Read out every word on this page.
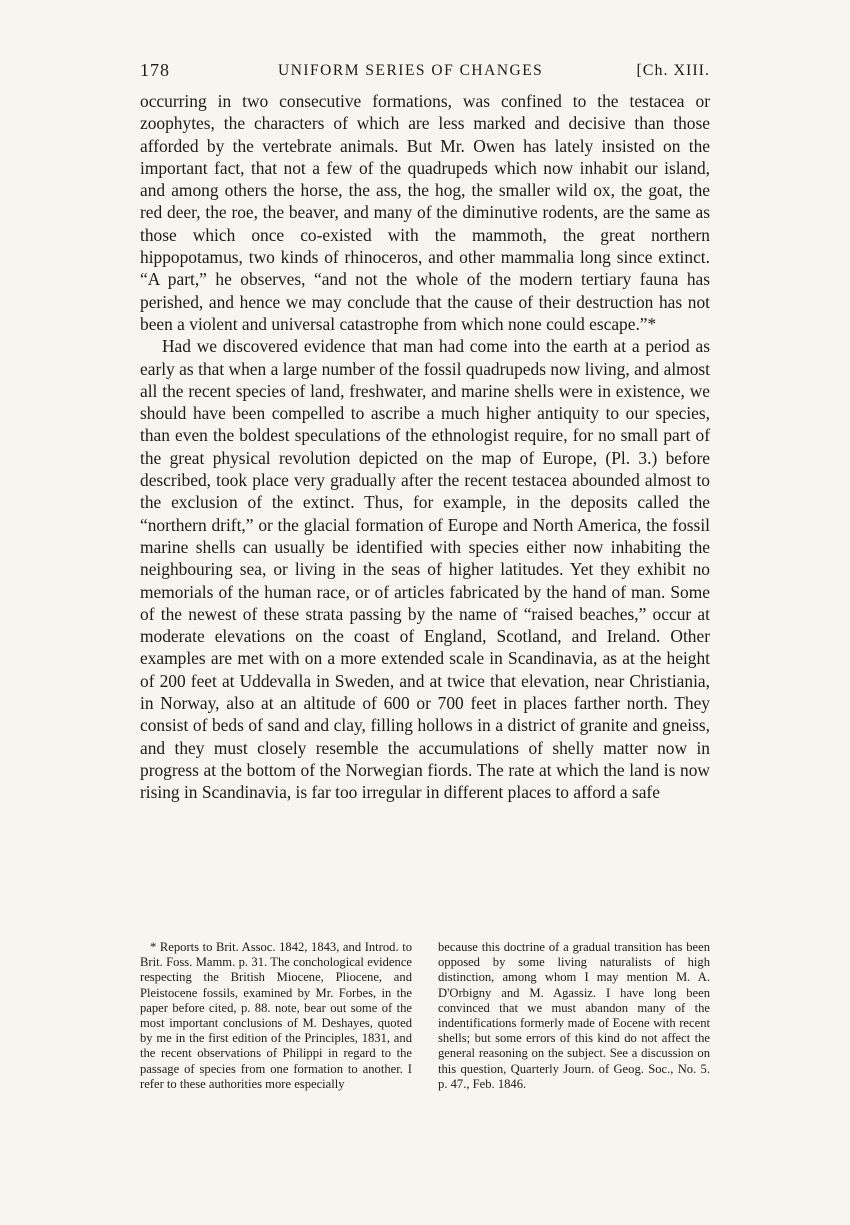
178	UNIFORM SERIES OF CHANGES	[Ch. XIII.

occurring in two consecutive formations, was confined to the testacea or zoophytes, the characters of which are less marked and decisive than those afforded by the vertebrate animals. But Mr. Owen has lately insisted on the important fact, that not a few of the quadrupeds which now inhabit our island, and among others the horse, the ass, the hog, the smaller wild ox, the goat, the red deer, the roe, the beaver, and many of the diminutive rodents, are the same as those which once co-existed with the mammoth, the great northern hippopotamus, two kinds of rhinoceros, and other mammalia long since extinct. “A part,” he observes, “and not the whole of the modern tertiary fauna has perished, and hence we may conclude that the cause of their destruction has not been a violent and universal catastrophe from which none could escape.”*

Had we discovered evidence that man had come into the earth at a period as early as that when a large number of the fossil quadrupeds now living, and almost all the recent species of land, freshwater, and marine shells were in existence, we should have been compelled to ascribe a much higher antiquity to our species, than even the boldest speculations of the ethnologist require, for no small part of the great physical revolution depicted on the map of Europe, (Pl. 3.) before described, took place very gradually after the recent testacea abounded almost to the exclusion of the extinct. Thus, for example, in the deposits called the “northern drift,” or the glacial formation of Europe and North America, the fossil marine shells can usually be identified with species either now inhabiting the neighbouring sea, or living in the seas of higher latitudes. Yet they exhibit no memorials of the human race, or of articles fabricated by the hand of man. Some of the newest of these strata passing by the name of “raised beaches,” occur at moderate elevations on the coast of England, Scotland, and Ireland. Other examples are met with on a more extended scale in Scandinavia, as at the height of 200 feet at Uddevalla in Sweden, and at twice that elevation, near Christiania, in Norway, also at an altitude of 600 or 700 feet in places farther north. They consist of beds of sand and clay, filling hollows in a district of granite and gneiss, and they must closely resemble the accumulations of shelly matter now in progress at the bottom of the Norwegian fiords. The rate at which the land is now rising in Scandinavia, is far too irregular in different places to afford a safe

* Reports to Brit. Assoc. 1842, 1843, and Introd. to Brit. Foss. Mamm. p. 31. The conchological evidence respecting the British Miocene, Pliocene, and Pleistocene fossils, examined by Mr. Forbes, in the paper before cited, p. 88. note, bear out some of the most important conclusions of M. Deshayes, quoted by me in the first edition of the Principles, 1831, and the recent observations of Philippi in regard to the passage of species from one formation to another. I refer to these authorities more especially
because this doctrine of a gradual transition has been opposed by some living naturalists of high distinction, among whom I may mention M. A. D'Orbigny and M. Agassiz. I have long been convinced that we must abandon many of the indentifications formerly made of Eocene with recent shells; but some errors of this kind do not affect the general reasoning on the subject. See a discussion on this question, Quarterly Journ. of Geog. Soc., No. 5. p. 47., Feb. 1846.
